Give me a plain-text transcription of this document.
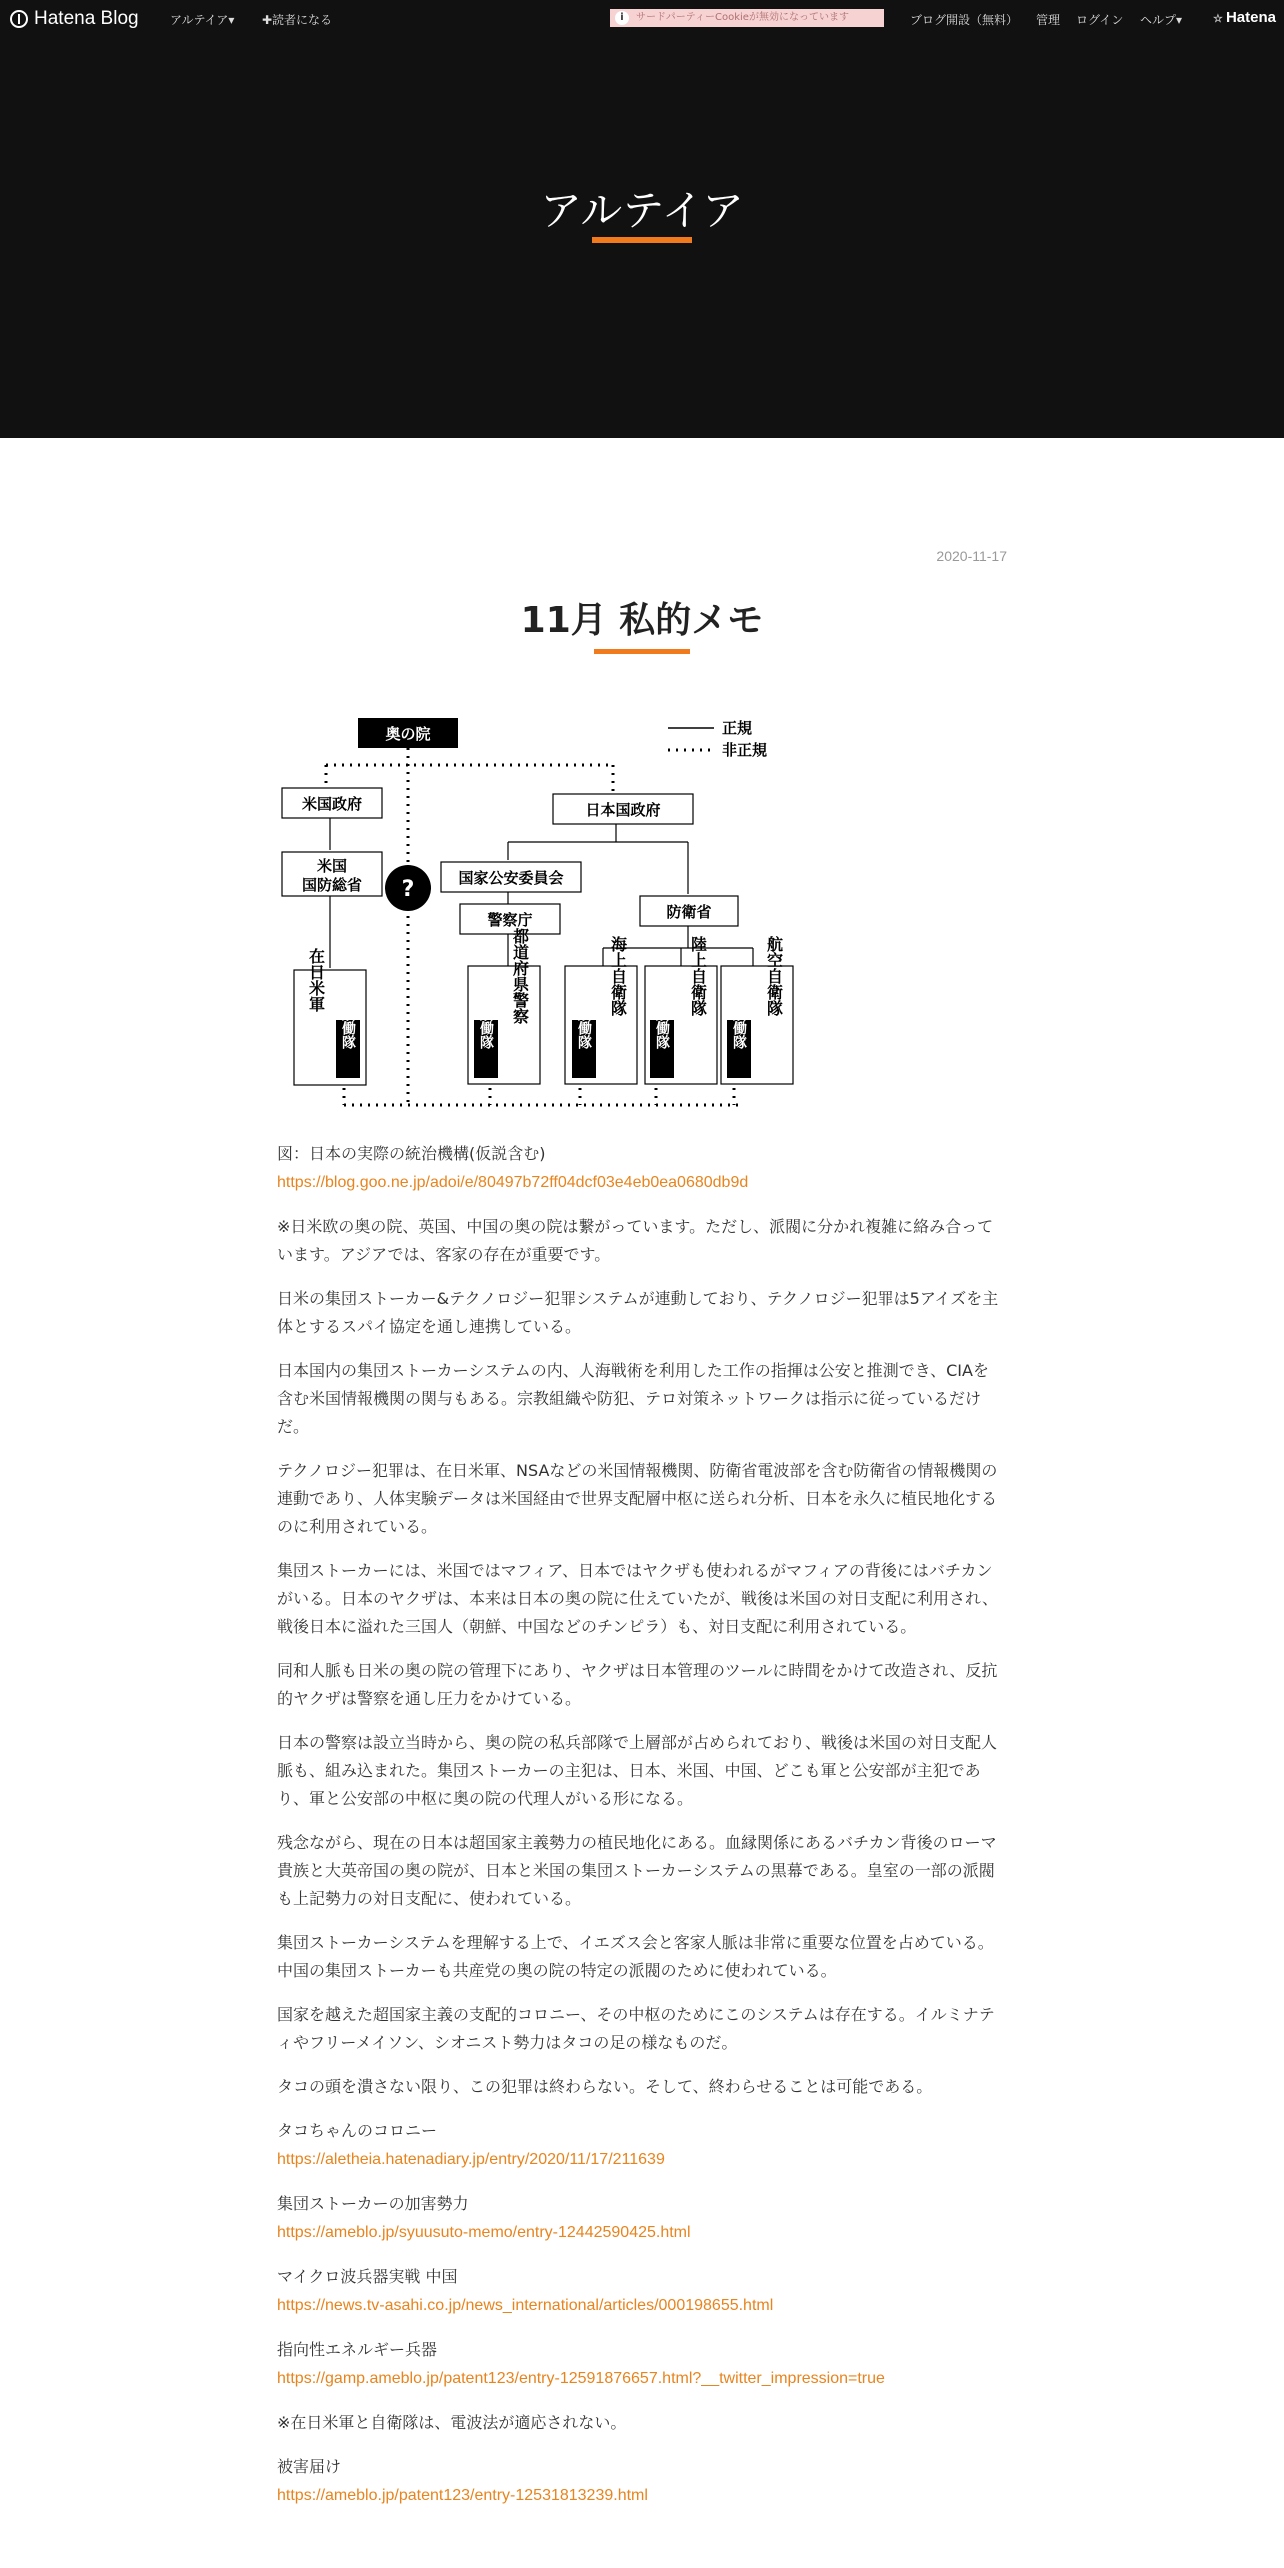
Hatena Blog	アルテイア▾ ✚読者になる	i	サードパーティーCookieが無効になっています	ブログ開設（無料） 管理 ログイン ヘルプ▾	☆ Hatena
アルテイア
2020-11-17
11月 私的メモ
奥の院	正規
非正規
米国政府
米国
国防総省
日本国政府
国家公安委員会
警察庁	防衛省
?
在日米軍	都道府県警察	海上自衛隊	陸上自衛隊	航空自衛隊
別働隊	別働隊	別働隊	別働隊	別働隊
図：日本の実際の統治機構(仮説含む)
https://blog.goo.ne.jp/adoi/e/80497b72ff04dcf03e4eb0ea0680db9d

※日米欧の奥の院、英国、中国の奥の院は繋がっています。ただし、派閥に分かれ複雑に絡み合っています。アジアでは、客家の存在が重要です。

日米の集団ストーカー&テクノロジー犯罪システムが連動しており、テクノロジー犯罪は5アイズを主体とするスパイ協定を通し連携している。

日本国内の集団ストーカーシステムの内、人海戦術を利用した工作の指揮は公安と推測でき、CIAを含む米国情報機関の関与もある。宗教組織や防犯、テロ対策ネットワークは指示に従っているだけだ。

テクノロジー犯罪は、在日米軍、NSAなどの米国情報機関、防衛省電波部を含む防衛省の情報機関の連動であり、人体実験データは米国経由で世界支配層中枢に送られ分析、日本を永久に植民地化するのに利用されている。

集団ストーカーには、米国ではマフィア、日本ではヤクザも使われるがマフィアの背後にはバチカンがいる。日本のヤクザは、本来は日本の奥の院に仕えていたが、戦後は米国の対日支配に利用され、戦後日本に溢れた三国人（朝鮮、中国などのチンピラ）も、対日支配に利用されている。

同和人脈も日米の奥の院の管理下にあり、ヤクザは日本管理のツールに時間をかけて改造され、反抗的ヤクザは警察を通し圧力をかけている。

日本の警察は設立当時から、奥の院の私兵部隊で上層部が占められており、戦後は米国の対日支配人脈も、組み込まれた。集団ストーカーの主犯は、日本、米国、中国、どこも軍と公安部が主犯であり、軍と公安部の中枢に奥の院の代理人がいる形になる。

残念ながら、現在の日本は超国家主義勢力の植民地化にある。血縁関係にあるバチカン背後のローマ貴族と大英帝国の奥の院が、日本と米国の集団ストーカーシステムの黒幕である。皇室の一部の派閥も上記勢力の対日支配に、使われている。

集団ストーカーシステムを理解する上で、イエズス会と客家人脈は非常に重要な位置を占めている。中国の集団ストーカーも共産党の奥の院の特定の派閥のために使われている。

国家を越えた超国家主義の支配的コロニー、その中枢のためにこのシステムは存在する。イルミナティやフリーメイソン、シオニスト勢力はタコの足の様なものだ。

タコの頭を潰さない限り、この犯罪は終わらない。そして、終わらせることは可能である。

タコちゃんのコロニー
https://aletheia.hatenadiary.jp/entry/2020/11/17/211639
集団ストーカーの加害勢力
https://ameblo.jp/syuusuto-memo/entry-12442590425.html
マイクロ波兵器実戦 中国
https://news.tv-asahi.co.jp/news_international/articles/000198655.html
指向性エネルギー兵器
https://gamp.ameblo.jp/patent123/entry-12591876657.html?__twitter_impression=true

※在日米軍と自衛隊は、電波法が適応されない。

被害届け
https://ameblo.jp/patent123/entry-12531813239.html
